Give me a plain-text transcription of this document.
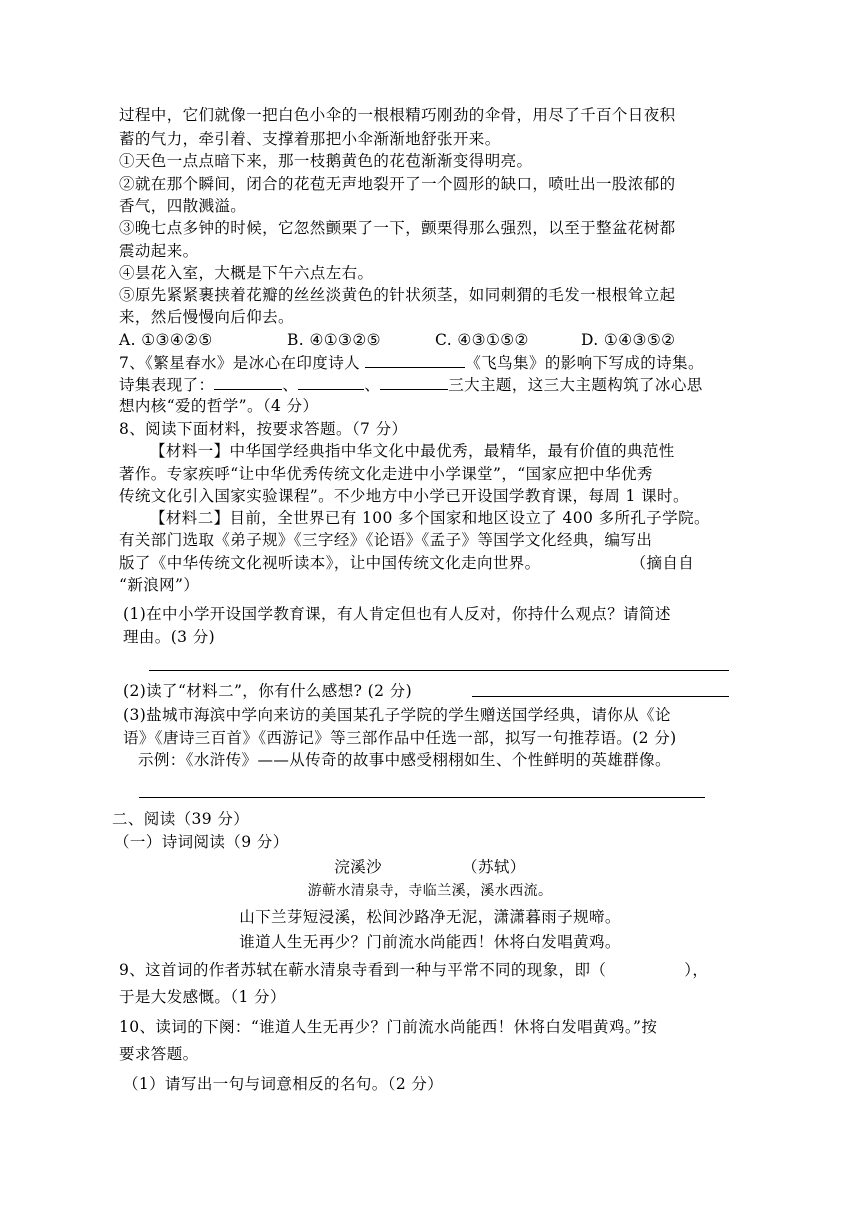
过程中，它们就像一把白色小伞的一根根精巧刚劲的伞骨，用尽了千百个日夜积
蓄的气力，牵引着、支撑着那把小伞渐渐地舒张开来。
①天色一点点暗下来，那一枝鹅黄色的花苞渐渐变得明亮。
②就在那个瞬间，闭合的花苞无声地裂开了一个圆形的缺口，喷吐出一股浓郁的
香气，四散溅溢。
③晚七点多钟的时候，它忽然颤栗了一下，颤栗得那么强烈，以至于整盆花树都
震动起来。
④昙花入室，大概是下午六点左右。
⑤原先紧紧裹挟着花瓣的丝丝淡黄色的针状须茎，如同刺猬的毛发一根根耸立起
来，然后慢慢向后仰去。
A. ①③④②⑤	B. ④①③②⑤	C. ④③①⑤②	D. ①④③⑤②
7、《繁星春水》是冰心在印度诗人	《飞鸟集》的影响下写成的诗集。
诗集表现了：	、	、	三大主题，这三大主题构筑了冰心思
想内核“爱的哲学”。（4 分）
8、阅读下面材料，按要求答题。（7 分）
【材料一】中华国学经典指中华文化中最优秀，最精华，最有价值的典范性
著作。专家疾呼“让中华优秀传统文化走进中小学课堂”，“国家应把中华优秀
传统文化引入国家实验课程”。不少地方中小学已开设国学教育课，每周 1 课时。
【材料二】目前，全世界已有 100 多个国家和地区设立了 400 多所孔子学院。
有关部门选取《弟子规》《三字经》《论语》《孟子》等国学文化经典，编写出
版了《中华传统文化视听读本》，让中国传统文化走向世界。	（摘自自
“新浪网”）
(1)在中小学开设国学教育课，有人肯定但也有人反对，你持什么观点？请简述
理由。(3 分)
(2)读了“材料二”，你有什么感想? (2 分)
(3)盐城市海滨中学向来访的美国某孔子学院的学生赠送国学经典，请你从《论
语》《唐诗三百首》《西游记》等三部作品中任选一部，拟写一句推荐语。(2 分)
示例：《水浒传》——从传奇的故事中感受栩栩如生、个性鲜明的英雄群像。
二、阅读（39 分）
（一）诗词阅读（9 分）
浣溪沙	（苏轼）
游蕲水清泉寺，寺临兰溪，溪水西流。
山下兰芽短浸溪，松间沙路净无泥，潇潇暮雨子规啼。
谁道人生无再少？门前流水尚能西！休将白发唱黄鸡。
9、这首词的作者苏轼在蕲水清泉寺看到一种与平常不同的现象，即（	），
于是大发感慨。（1 分）
10、读词的下阕：“谁道人生无再少？门前流水尚能西！休将白发唱黄鸡。”按
要求答题。
（1）请写出一句与词意相反的名句。（2 分）
